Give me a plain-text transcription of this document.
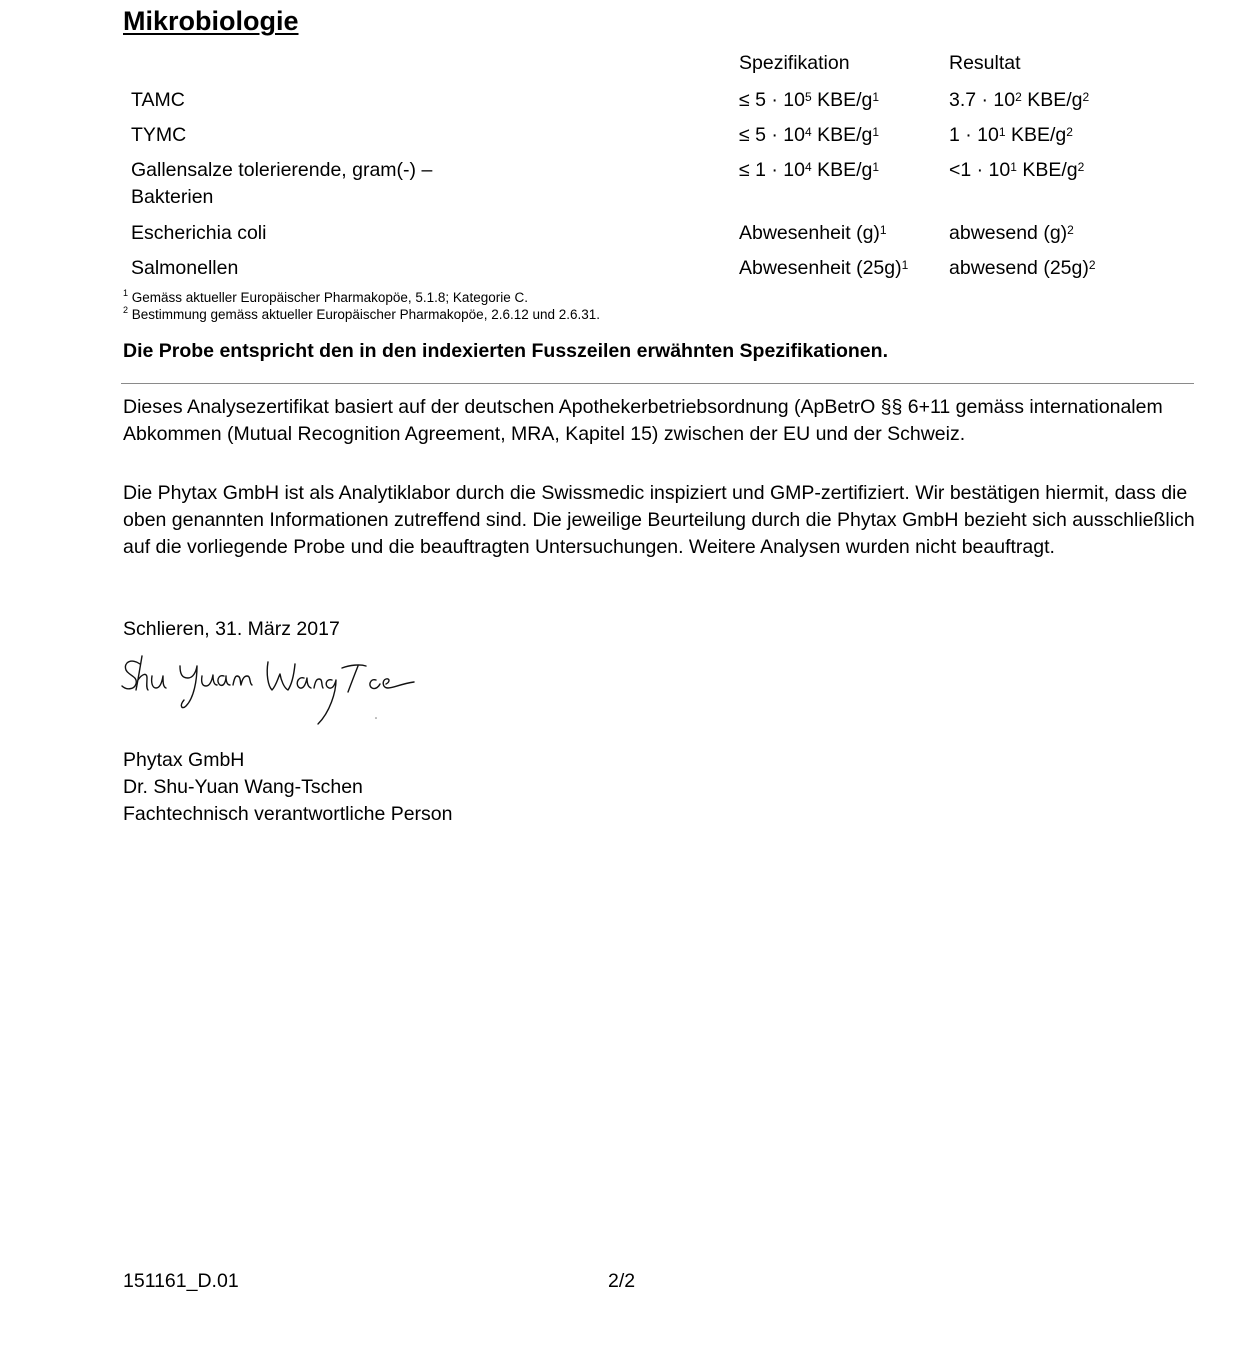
Mikrobiologie
Spezifikation	Resultat
TAMC	≤ $5 \cdot 10^5$ KBE/$g^1$	$3.7 \cdot 10^2$ KBE/$g^2$
TYMC	≤ $5 \cdot 10^4$ KBE/$g^1$	$1 \cdot 10^1$ KBE/$g^2$
Gallensalze tolerierende, gram(-) –
Bakterien
≤ $1 \cdot 10^4$ KBE/$g^1$	$<1 \cdot 10^1$ KBE/$g^2$
Escherichia coli	Abwesenheit $(g)^1$	abwesend $(g)^2$
Salmonellen	Abwesenheit $(25g)^1$ abwesend $(25g)^2$
$^1$ Gemäss aktueller Europäischer Pharmakopöe, 5.1.8; Kategorie C.
$^2$ Bestimmung gemäss aktueller Europäischer Pharmakopöe, 2.6.12 und 2.6.31.
Die Probe entspricht den in den indexierten Fusszeilen erwähnten Spezifikationen.
Dieses Analysezertifikat basiert auf der deutschen Apothekerbetriebsordnung (ApBetrO §§ 6+11 gemäss internationalem Abkommen (Mutual Recognition Agreement, MRA, Kapitel 15) zwischen der EU und der Schweiz.
Die Phytax GmbH ist als Analytiklabor durch die Swissmedic inspiziert und GMP-zertifiziert. Wir bestätigen hiermit, dass die oben genannten Informationen zutreffend sind. Die jeweilige Beurteilung durch die Phytax GmbH bezieht sich ausschließlich auf die vorliegende Probe und die beauftragten Untersuchungen. Weitere Analysen wurden nicht beauftragt.
Schlieren, 31. März 2017
Phytax GmbH
Dr. Shu-Yuan Wang-Tschen
Fachtechnisch verantwortliche Person
151161_D.01	2/2
